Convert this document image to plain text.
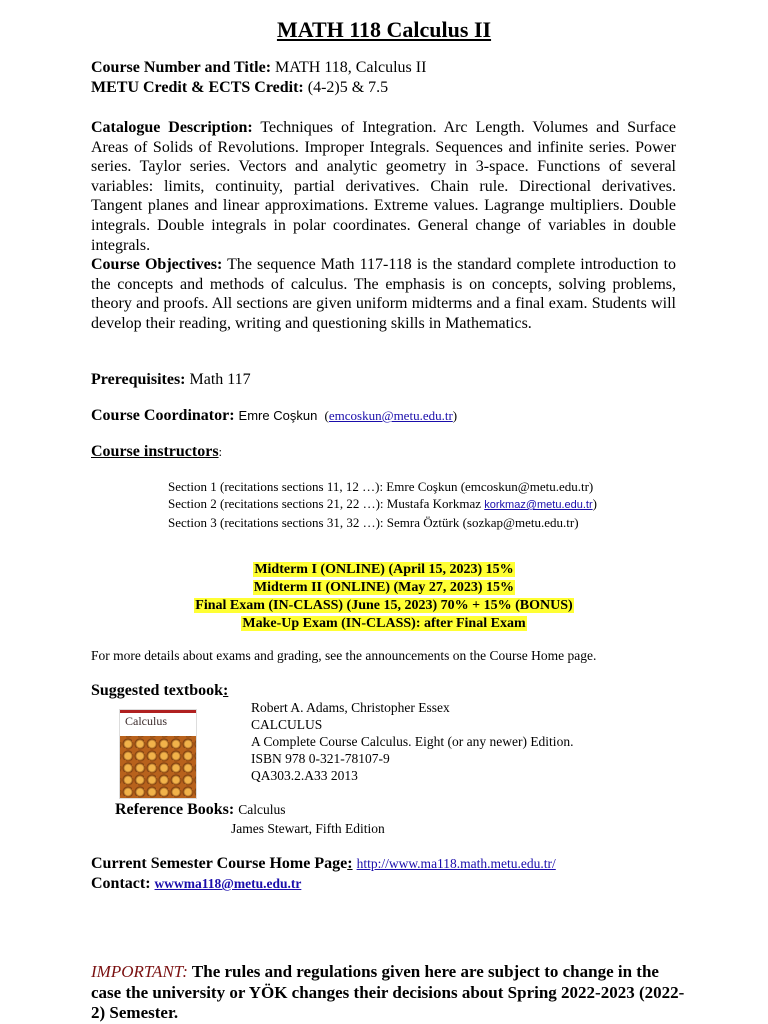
MATH 118 Calculus II
Course Number and Title: MATH 118, Calculus II
METU Credit & ECTS Credit: (4-2)5 & 7.5
Catalogue Description: Techniques of Integration. Arc Length. Volumes and Surface Areas of Solids of Revolutions. Improper Integrals. Sequences and infinite series. Power series. Taylor series. Vectors and analytic geometry in 3-space. Functions of several variables: limits, continuity, partial derivatives. Chain rule. Directional derivatives. Tangent planes and linear approximations. Extreme values. Lagrange multipliers. Double integrals. Double integrals in polar coordinates. General change of variables in double integrals.
Course Objectives: The sequence Math 117-118 is the standard complete introduction to the concepts and methods of calculus. The emphasis is on concepts, solving problems, theory and proofs. All sections are given uniform midterms and a final exam. Students will develop their reading, writing and questioning skills in Mathematics.
Prerequisites: Math 117
Course Coordinator: Emre Coşkun  (emcoskun@metu.edu.tr)
Course instructors:
Section 1 (recitations sections 11, 12 …): Emre Coşkun (emcoskun@metu.edu.tr)
Section 2 (recitations sections 21, 22 …): Mustafa Korkmaz korkmaz@metu.edu.tr)
Section 3 (recitations sections 31, 32 …): Semra Öztürk (sozkap@metu.edu.tr)
Midterm I (ONLINE) (April 15, 2023) 15%
Midterm II (ONLINE) (May 27, 2023) 15%
Final Exam (IN-CLASS) (June 15, 2023) 70% + 15% (BONUS)
Make-Up Exam (IN-CLASS): after Final Exam
For more details about exams and grading, see the announcements on the Course Home page.
Suggested textbook:
Calculus
Robert A. Adams, Christopher Essex
CALCULUS
A Complete Course Calculus. Eight (or any newer) Edition.
ISBN 978 0-321-78107-9
QA303.2.A33 2013
Reference Books: Calculus
James Stewart, Fifth Edition
Current Semester Course Home Page: http://www.ma118.math.metu.edu.tr/
Contact: wwwma118@metu.edu.tr
IMPORTANT: The rules and regulations given here are subject to change in the case the university or YÖK changes their decisions about Spring 2022-2023 (2022-2) Semester.
